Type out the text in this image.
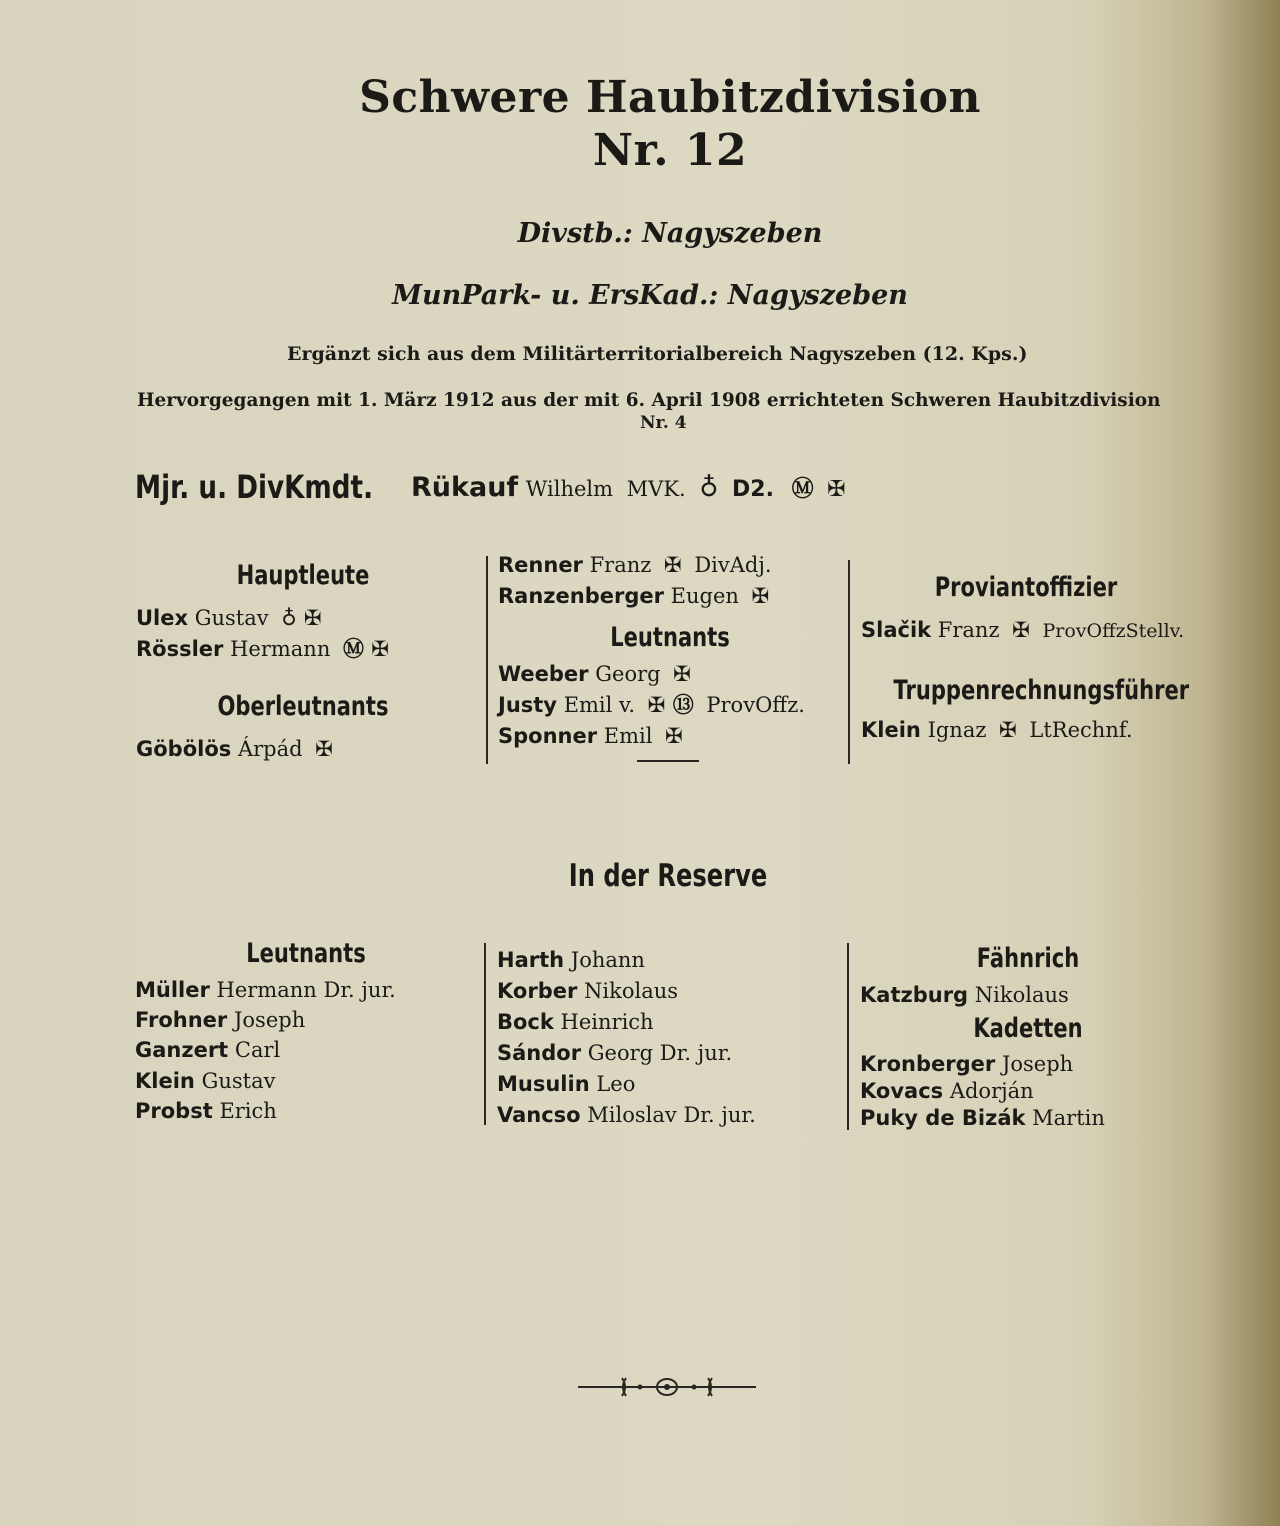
Schwere Haubitzdivision
Nr. 12
Divstb.: Nagyszeben
MunPark- u. ErsKad.: Nagyszeben
Ergänzt sich aus dem Militärterritorialbereich Nagyszeben (12. Kps.)
Hervorgegangen mit 1. März 1912 aus der mit 6. April 1908 errichteten Schweren Haubitzdivision
Nr. 4
Mjr. u. DivKmdt. Rükauf Wilhelm MVK. ♁ D2. Ⓜ ✠
Hauptleute
Ulex Gustav ♁ ✠
Rössler Hermann Ⓜ ✠
Oberleutnants
Göbölös Árpád ✠
Renner Franz ✠ DivAdj.
Ranzenberger Eugen ✠
Leutnants
Weeber Georg ✠
Justy Emil v. ✠ ⑬ ProvOffz.
Sponner Emil ✠
Proviantoffizier
Slačik Franz ✠ ProvOffzStellv.
Truppenrechnungsführer
Klein Ignaz ✠ LtRechnf.
In der Reserve
Leutnants
Müller Hermann Dr. jur.
Frohner Joseph
Ganzert Carl
Klein Gustav
Probst Erich
Harth Johann
Korber Nikolaus
Bock Heinrich
Sándor Georg Dr. jur.
Musulin Leo
Vancso Miloslav Dr. jur.
Fähnrich
Katzburg Nikolaus
Kadetten
Kronberger Joseph
Kovacs Adorján
Puky de Bizák Martin
